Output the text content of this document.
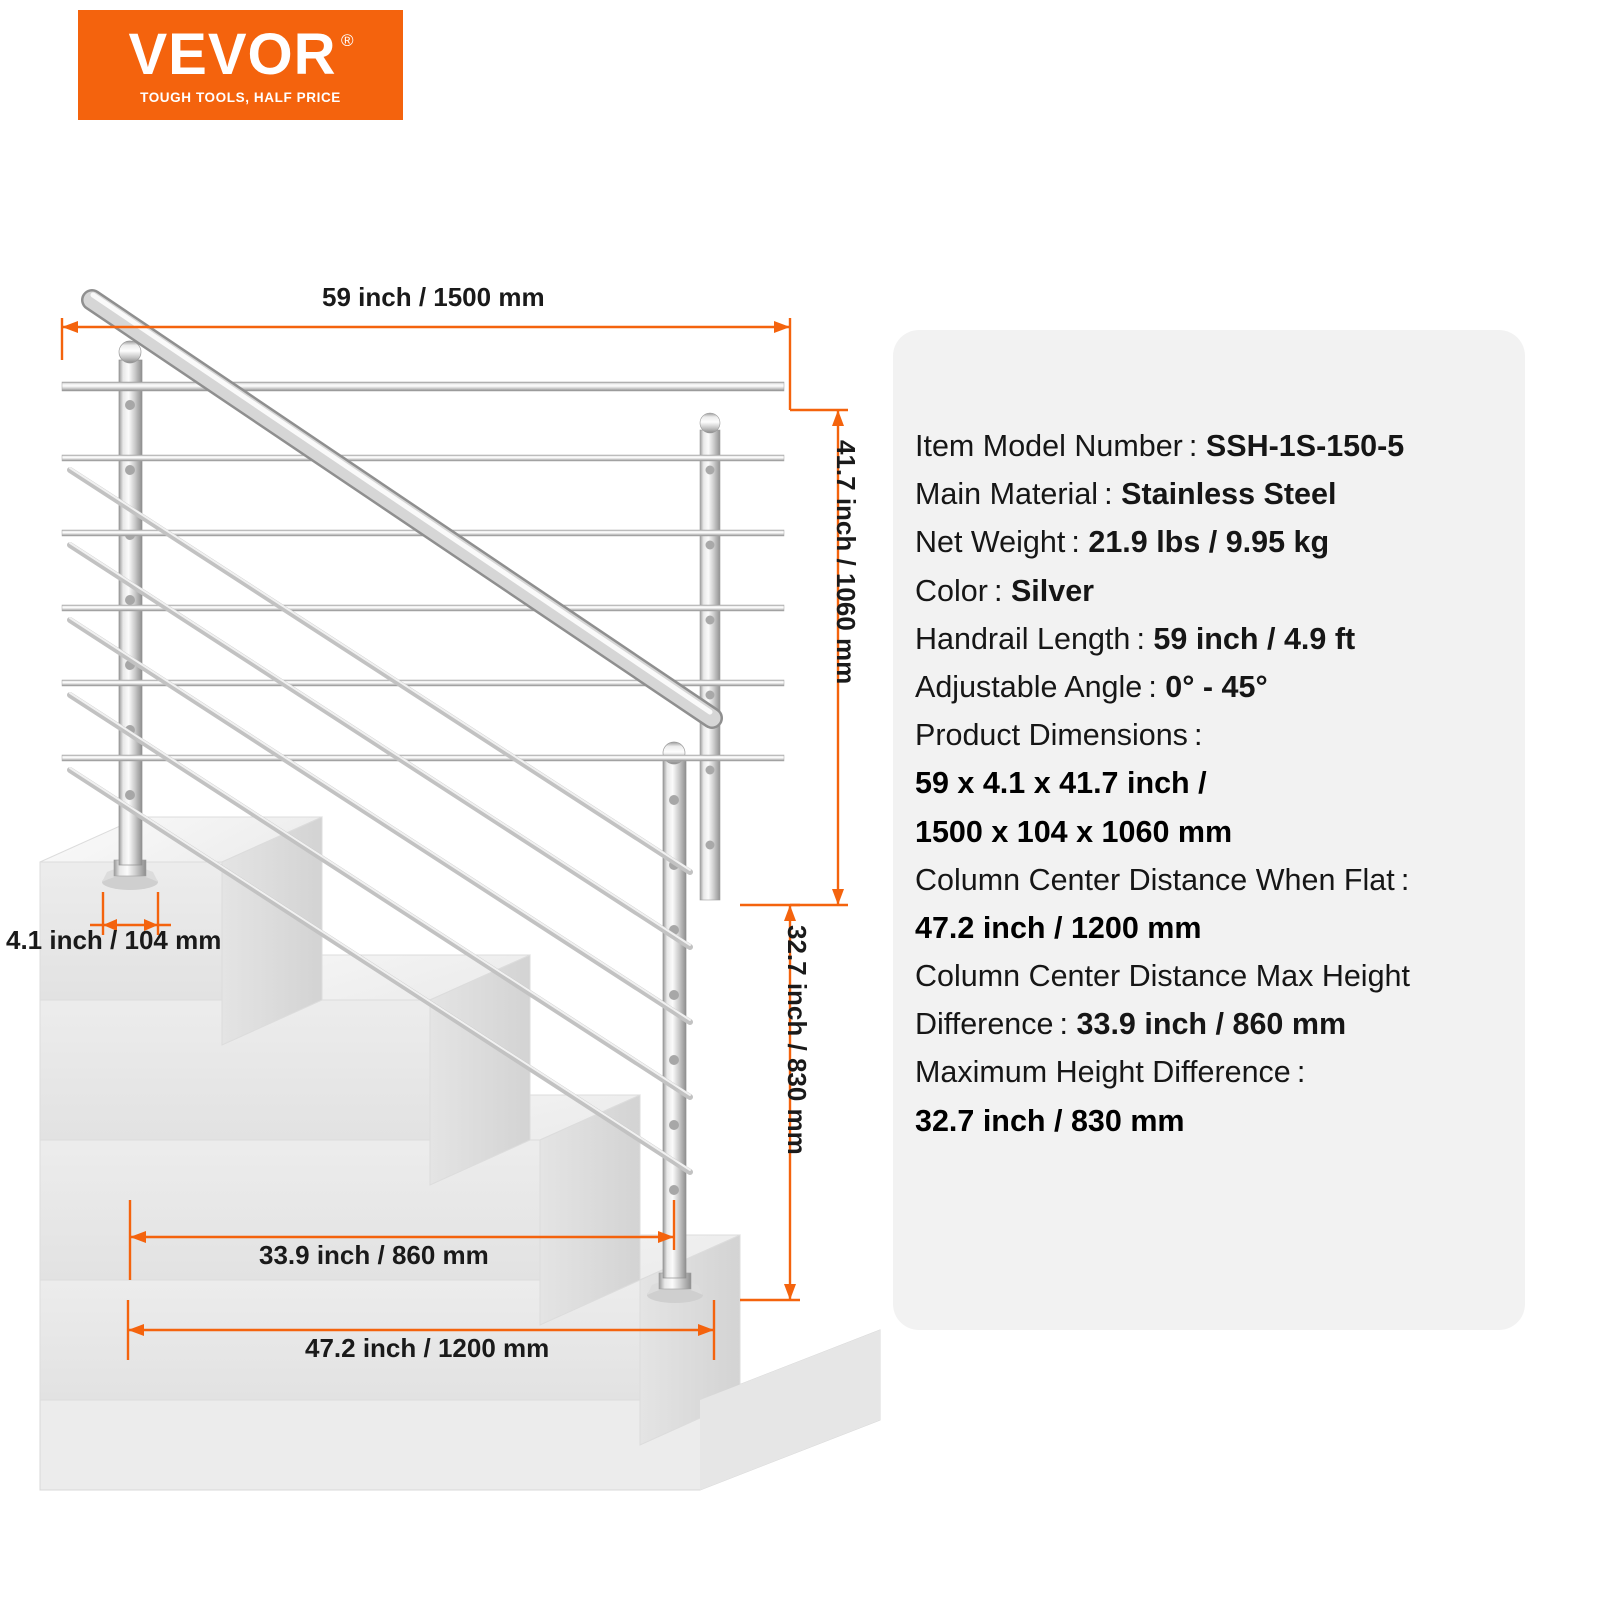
VEVOR ®
TOUGH TOOLS, HALF PRICE
59 inch / 1500 mm
41.7 inch / 1060 mm
4.1 inch / 104 mm	32.7 inch / 830 mm
33.9 inch / 860 mm
47.2 inch / 1200 mm
Item Model Number : SSH-1S-150-5
Main Material : Stainless Steel
Net Weight : 21.9 lbs / 9.95 kg
Color : Silver
Handrail Length : 59 inch / 4.9 ft
Adjustable Angle : 0° - 45°
Product Dimensions :
59 x 4.1 x 41.7 inch /
1500 x 104 x 1060 mm
Column Center Distance When Flat :
47.2 inch / 1200 mm
Column Center Distance Max Height
Difference : 33.9 inch / 860 mm
Maximum Height Difference :
32.7 inch / 830 mm
